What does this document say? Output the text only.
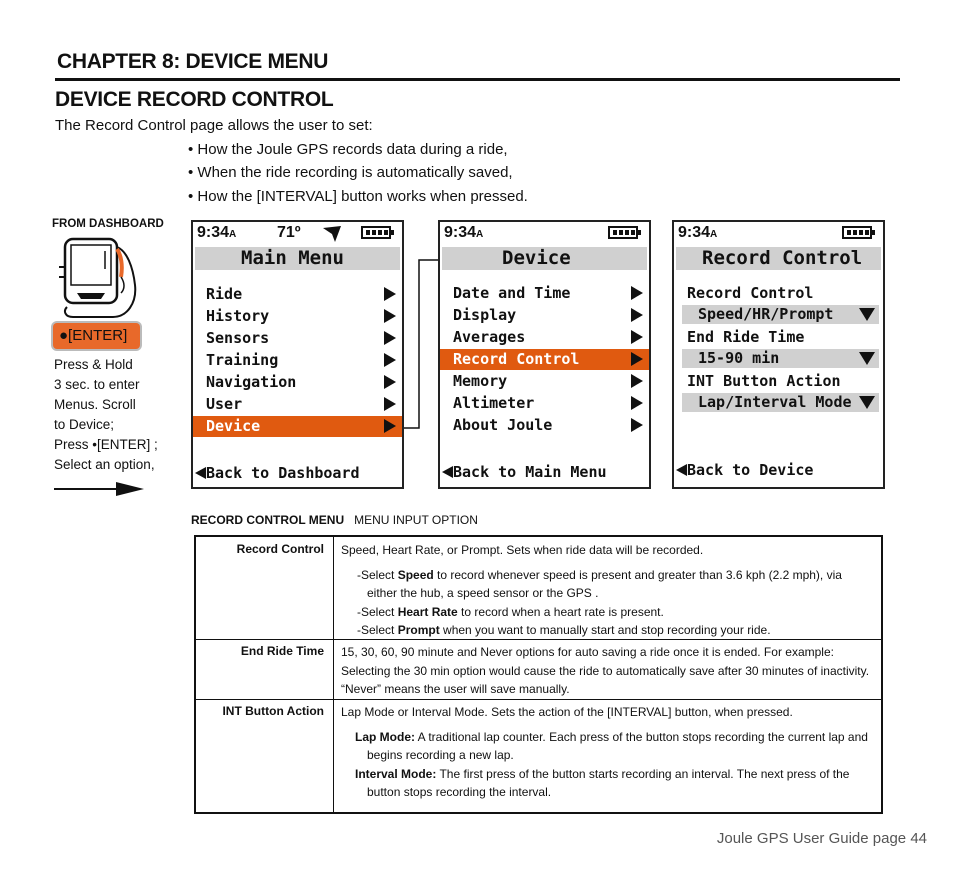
CHAPTER 8: DEVICE MENU
DEVICE RECORD CONTROL
The Record Control page allows the user to set:
• How the Joule GPS records data during a ride,
• When the ride recording is automatically saved,
• How the [INTERVAL] button works when pressed.
FROM DASHBOARD
●[ENTER]
Press & Hold
3 sec. to enter
Menus. Scroll
to Device;
Press •[ENTER] ;
Select an option,
9:34A	71º
Main Menu
Ride
History
Sensors
Training
Navigation
User
Device
Back to Dashboard
9:34A
Device
Date and Time
Display
Averages
Record Control
Memory
Altimeter
About Joule
Back to Main Menu
9:34A
Record Control
Record Control
Speed/HR/Prompt
End Ride Time
15-90 min
INT Button Action
Lap/Interval Mode
Back to Device
RECORD CONTROL MENU MENU INPUT OPTION
Record Control	Speed, Heart Rate, or Prompt. Sets when ride data will be recorded.
-Select Speed to record whenever speed is present and greater than 3.6 kph (2.2 mph), via either the hub, a speed sensor or the GPS .
-Select Heart Rate to record when a heart rate is present.
-Select Prompt when you want to manually start and stop recording your ride.
End Ride Time	15, 30, 60, 90 minute and Never options for auto saving a ride once it is ended. For example: Selecting the 30 min option would cause the ride to automatically save after 30 minutes of inactivity. “Never” means the user will save manually.
INT Button Action	Lap Mode or Interval Mode. Sets the action of the [INTERVAL] button, when pressed.
Lap Mode: A traditional lap counter. Each press of the button stops recording the current lap and begins recording a new lap.
Interval Mode: The first press of the button starts recording an interval. The next press of the button stops recording the interval.
Joule GPS User Guide page 44
